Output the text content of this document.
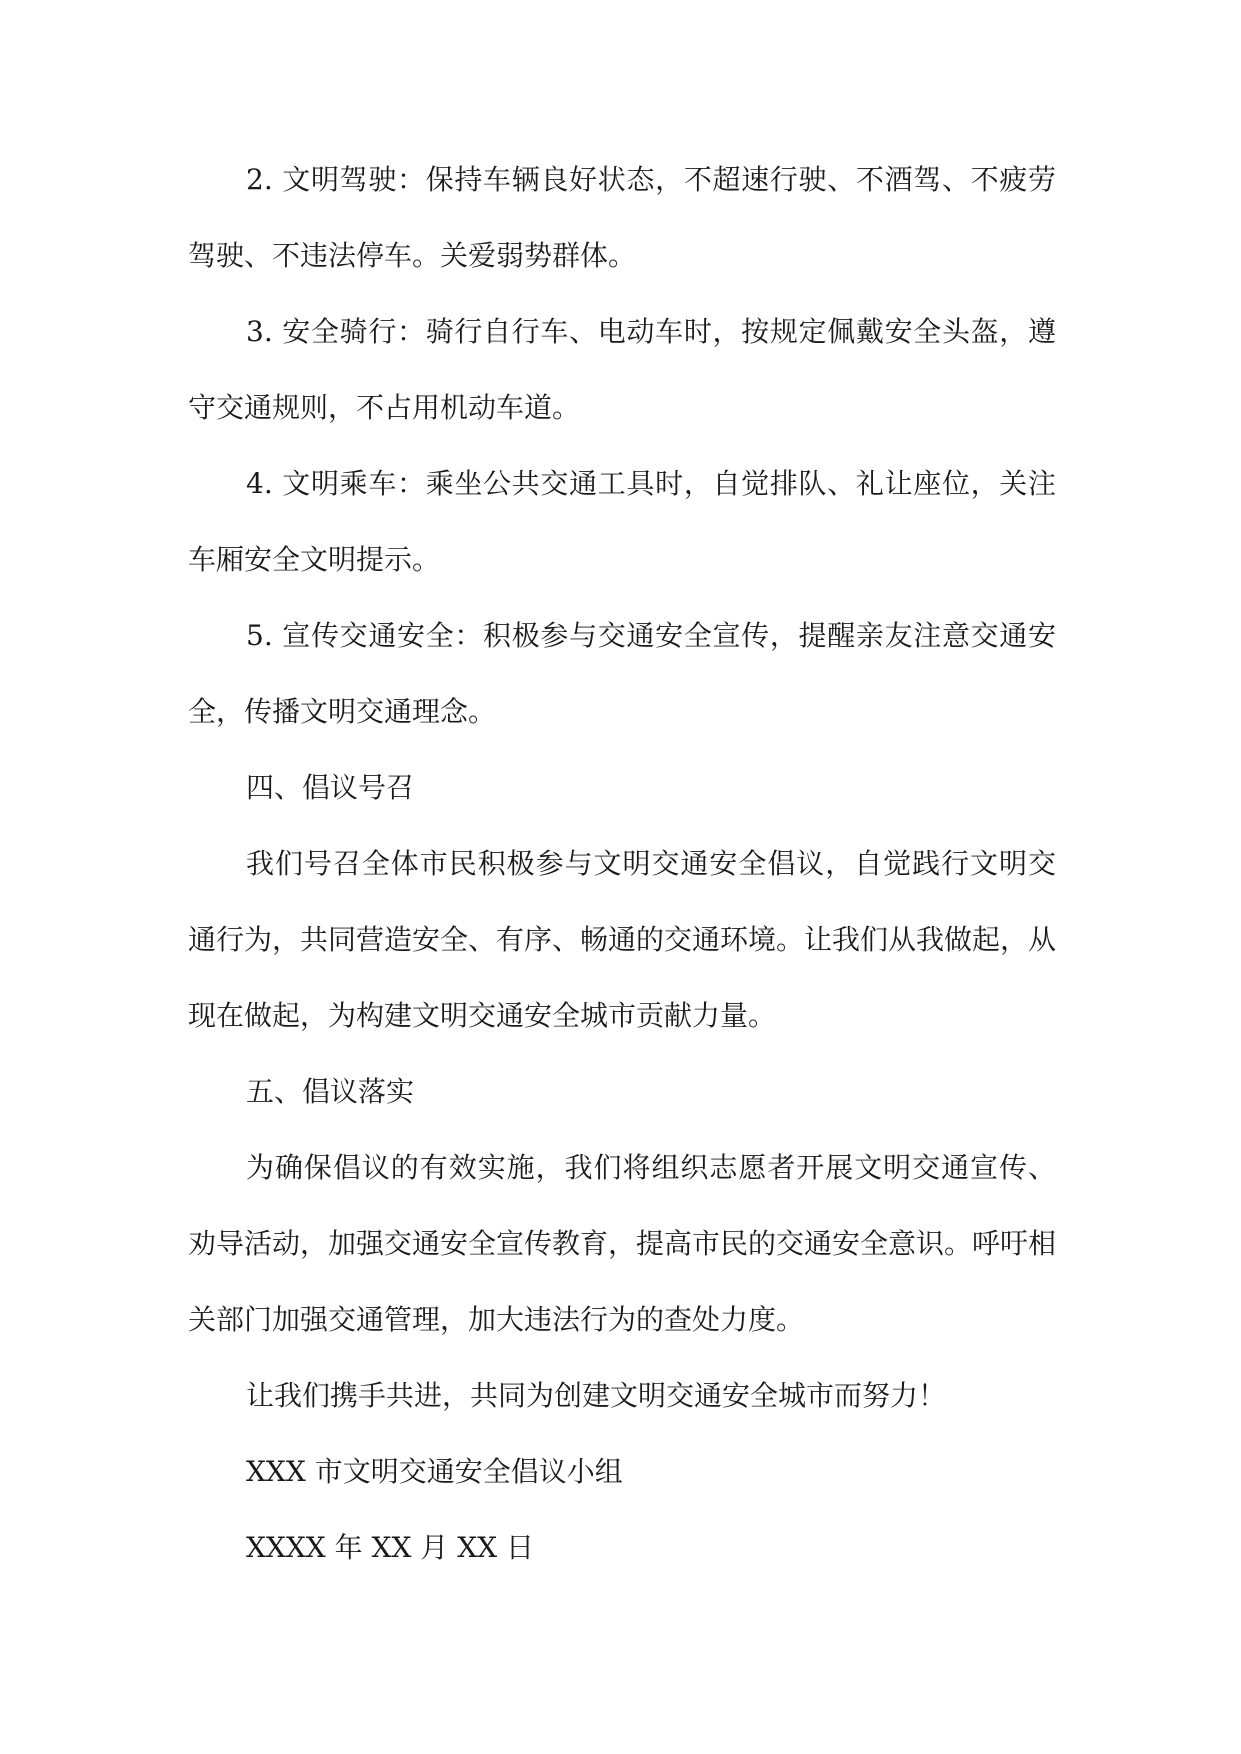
2. 文明驾驶：保持车辆良好状态，不超速行驶、不酒驾、不疲劳驾驶、不违法停车。关爱弱势群体。

3. 安全骑行：骑行自行车、电动车时，按规定佩戴安全头盔，遵守交通规则，不占用机动车道。

4. 文明乘车：乘坐公共交通工具时，自觉排队、礼让座位，关注车厢安全文明提示。

5. 宣传交通安全：积极参与交通安全宣传，提醒亲友注意交通安全，传播文明交通理念。

四、倡议号召

我们号召全体市民积极参与文明交通安全倡议，自觉践行文明交通行为，共同营造安全、有序、畅通的交通环境。让我们从我做起，从现在做起，为构建文明交通安全城市贡献力量。

五、倡议落实

为确保倡议的有效实施，我们将组织志愿者开展文明交通宣传、劝导活动，加强交通安全宣传教育，提高市民的交通安全意识。呼吁相关部门加强交通管理，加大违法行为的查处力度。

让我们携手共进，共同为创建文明交通安全城市而努力！

XXX 市文明交通安全倡议小组

XXXX 年 XX 月 XX 日
